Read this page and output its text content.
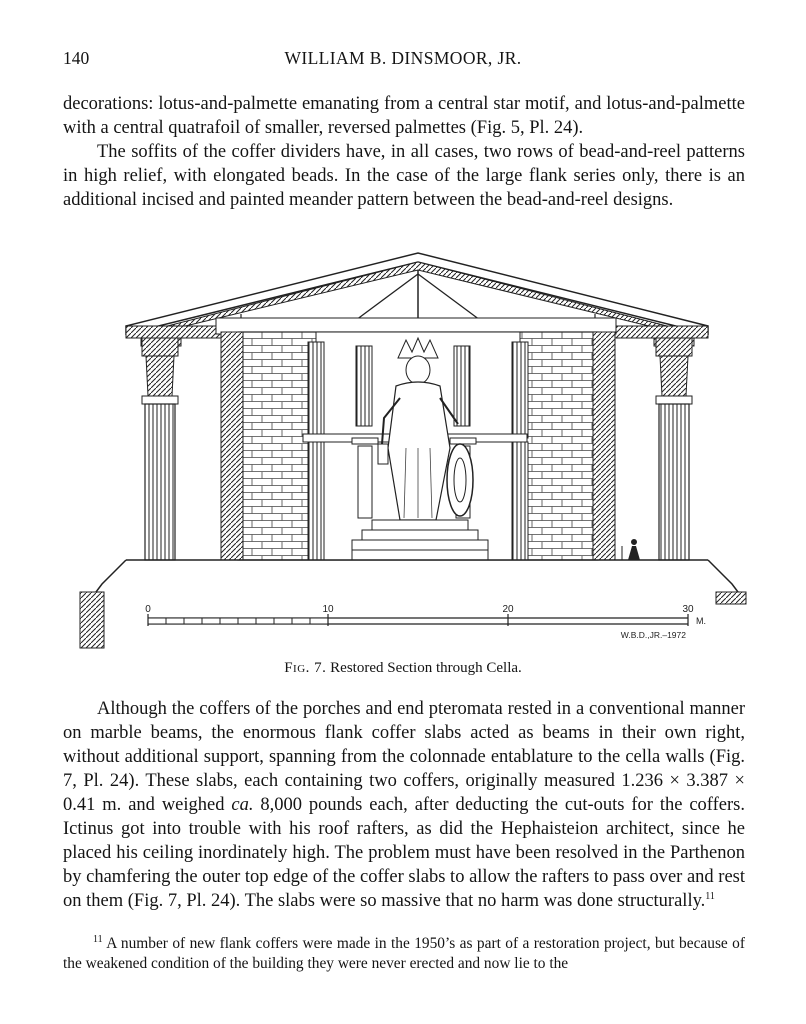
140	WILLIAM B. DINSMOOR, JR.

decorations: lotus-and-palmette emanating from a central star motif, and lotus-and-palmette with a central quatrafoil of smaller, reversed palmettes (Fig. 5, Pl. 24).

The soffits of the coffer dividers have, in all cases, two rows of bead-and-reel patterns in high relief, with elongated beads. In the case of the large flank series only, there is an additional incised and painted meander pattern between the bead-and-reel designs.

0	10	20	30
M.
W.B.D.,JR.–1972
Fig. 7. Restored Section through Cella.

Although the coffers of the porches and end pteromata rested in a conventional manner on marble beams, the enormous flank coffer slabs acted as beams in their own right, without additional support, spanning from the colonnade entablature to the cella walls (Fig. 7, Pl. 24). These slabs, each containing two coffers, originally measured 1.236 × 3.387 × 0.41 m. and weighed ca. 8,000 pounds each, after deducting the cut-outs for the coffers. Ictinus got into trouble with his roof rafters, as did the Hephaisteion architect, since he placed his ceiling inordinately high. The problem must have been resolved in the Parthenon by chamfering the outer top edge of the coffer slabs to allow the rafters to pass over and rest on them (Fig. 7, Pl. 24). The slabs were so massive that no harm was done structurally.$^{11}$

$^{11}$ A number of new flank coffers were made in the 1950’s as part of a restoration project, but because of the weakened condition of the building they were never erected and now lie to the
